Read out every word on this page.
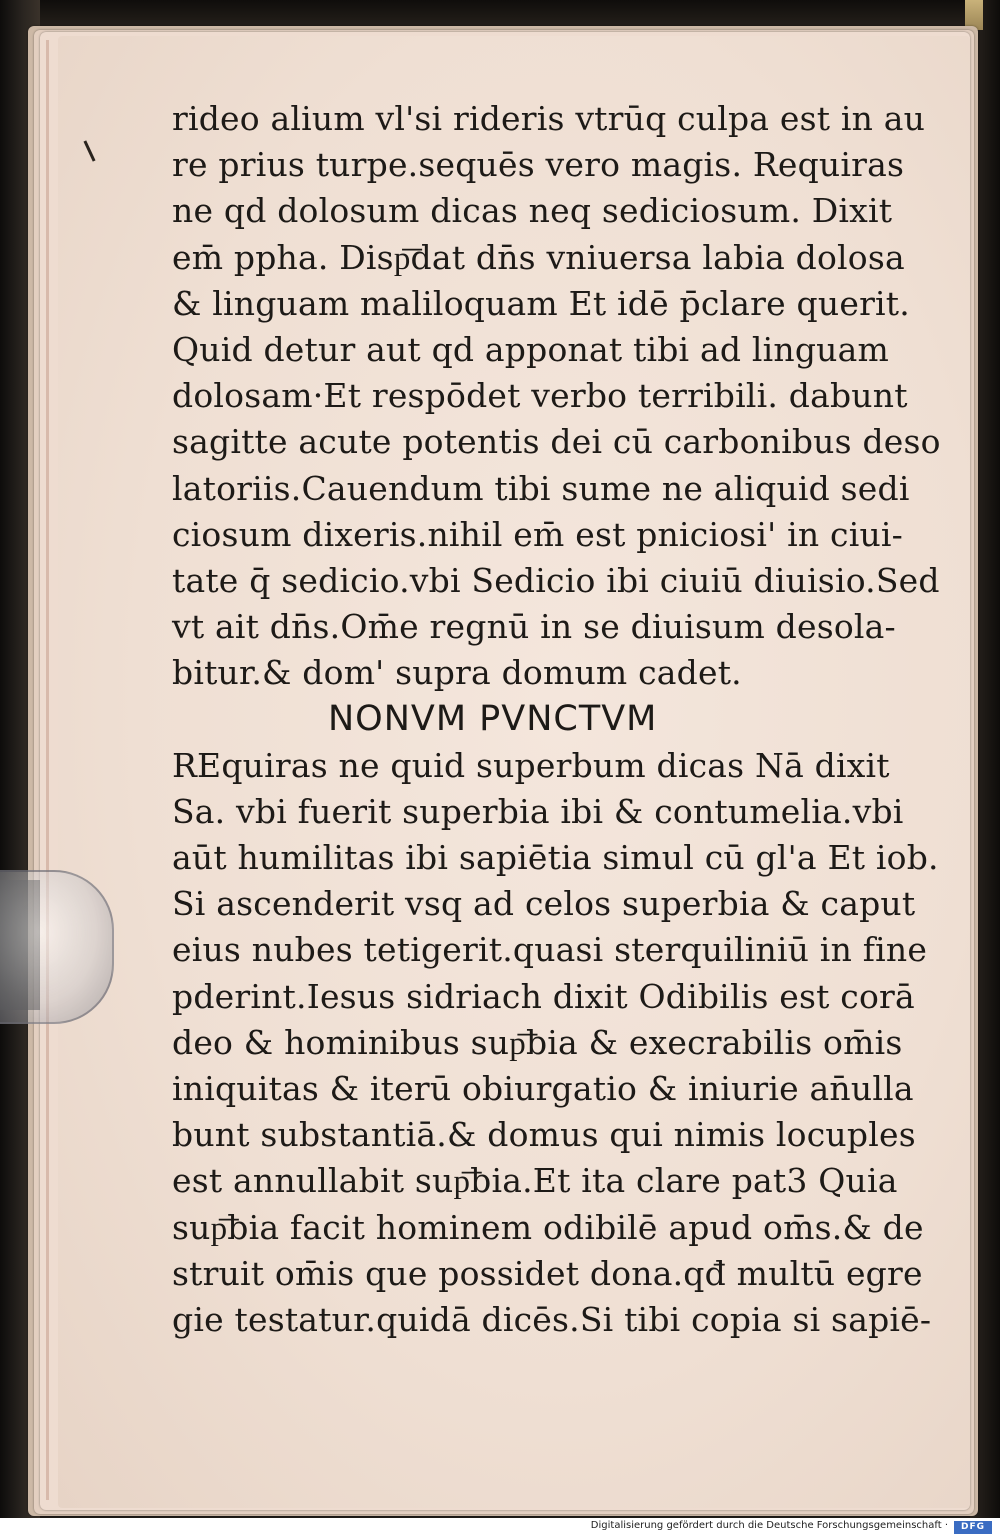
rideo alium vl'si rideris vtrūq culpa est in au
re prius turpe.sequēs vero magis. Requiras
ne qd dolosum dicas neq sediciosum. Dixit
em̄ ppha. Disp͞dat dn̄s vniuersa labia dolosa
& linguam maliloquam Et idē p̄clare querit.
Quid detur aut qd apponat tibi ad linguam
dolosam·Et respōdet verbo terribili. dabunt
sagitte acute potentis dei cū carbonibus deso
latoriis.Cauendum tibi sume ne aliquid sedi
ciosum dixeris.nihil em̄ est pniciosi' in ciui-
tate q̄ sedicio.vbi Sedicio ibi ciuiū diuisio.Sed
vt ait dn̄s.Om̄e regnū in se diuisum desola-
bitur.& dom' supra domum cadet.
NONVM PVNCTVM
REquiras ne quid superbum dicas Nā dixit
Sa. vbi fuerit superbia ibi & contumelia.vbi
aūt humilitas ibi sapiētia simul cū gl'a Et iob.
Si ascenderit vsq ad celos superbia & caput
eius nubes tetigerit.quasi sterquiliniū in fine
pderint.Iesus sidriach dixit Odibilis est corā
deo & hominibus sup͞bia & execrabilis om̄is
iniquitas & iterū obiurgatio & iniurie an̄ulla
bunt substantiā.& domus qui nimis locuples
est annullabit sup͞bia.Et ita clare pat3 Quia
sup͞bia facit hominem odibilē apud om̄s.& de
struit om̄is que possidet dona.qđ multū egre
gie testatur.quidā dicēs.Si tibi copia si sapiē-
Digitalisierung gefördert durch die Deutsche Forschungsgemeinschaft ·	DFG
